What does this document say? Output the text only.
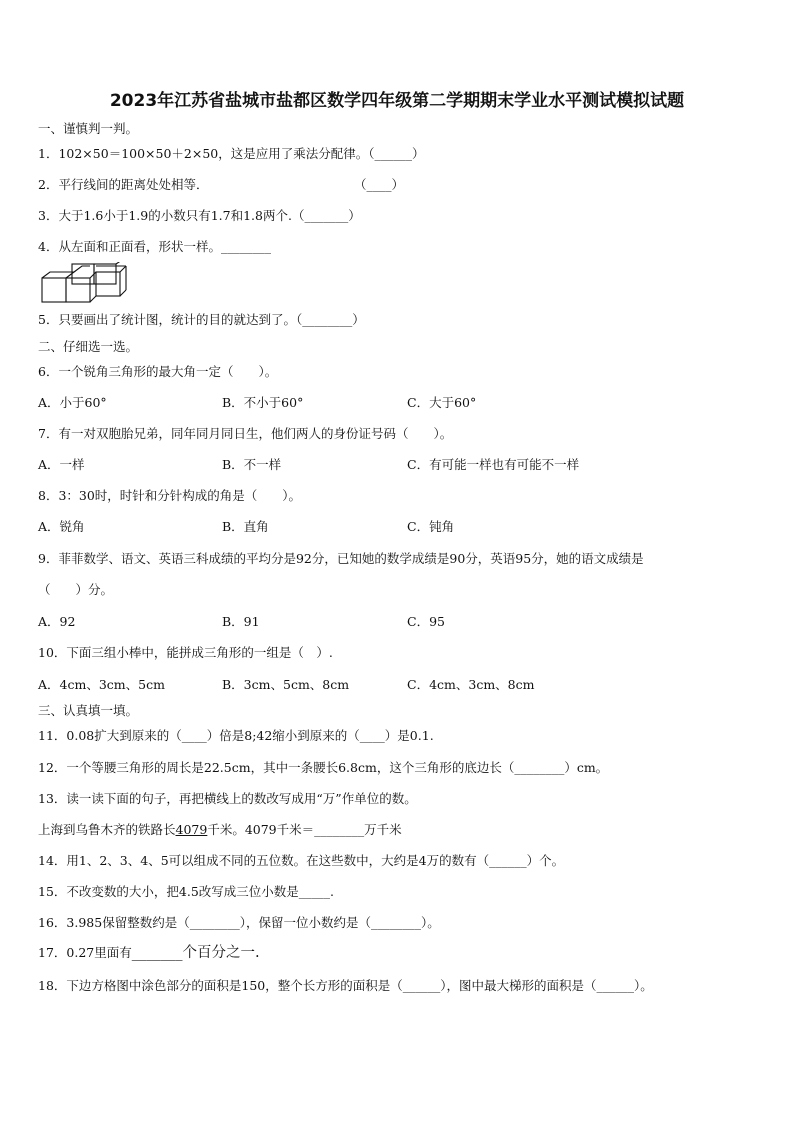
2023年江苏省盐城市盐都区数学四年级第二学期期末学业水平测试模拟试题
一、谨慎判一判。
1．102×50＝100×50＋2×50，这是应用了乘法分配律。（______）
2．平行线间的距离处处相等．	（____）
3．大于1.6小于1.9的小数只有1.7和1.8两个.（_______）
4．从左面和正面看，形状一样。________
5．只要画出了统计图，统计的目的就达到了。（________）
二、仔细选一选。
6．一个锐角三角形的最大角一定（　　）。
A．小于60°	B．不小于60°	C．大于60°
7．有一对双胞胎兄弟，同年同月同日生，他们两人的身份证号码（　　）。
A．一样	B．不一样	C．有可能一样也有可能不一样
8．3：30时，时针和分针构成的角是（　　）。
A．锐角	B．直角	C．钝角
9．菲菲数学、语文、英语三科成绩的平均分是92分，已知她的数学成绩是90分，英语95分，她的语文成绩是
（　　）分。
A．92	B．91	C．95
10．下面三组小棒中，能拼成三角形的一组是（　）.
A．4cm、3cm、5cm	B．3cm、5cm、8cm	C．4cm、3cm、8cm
三、认真填一填。
11．0.08扩大到原来的（____）倍是8;42缩小到原来的（____）是0.1.
12．一个等腰三角形的周长是22.5cm，其中一条腰长6.8cm，这个三角形的底边长（________）cm。
13．读一读下面的句子，再把横线上的数改写成用“万”作单位的数。
上海到乌鲁木齐的铁路长4079千米。4079千米＝________万千米
14．用1、2、3、4、5可以组成不同的五位数。在这些数中，大约是4万的数有（______）个。
15．不改变数的大小，把4.5改写成三位小数是_____.
16．3.985保留整数约是（________），保留一位小数约是（________）。
17．0.27里面有_______个百分之一.
18．下边方格图中涂色部分的面积是150，整个长方形的面积是（______），图中最大梯形的面积是（______）。
